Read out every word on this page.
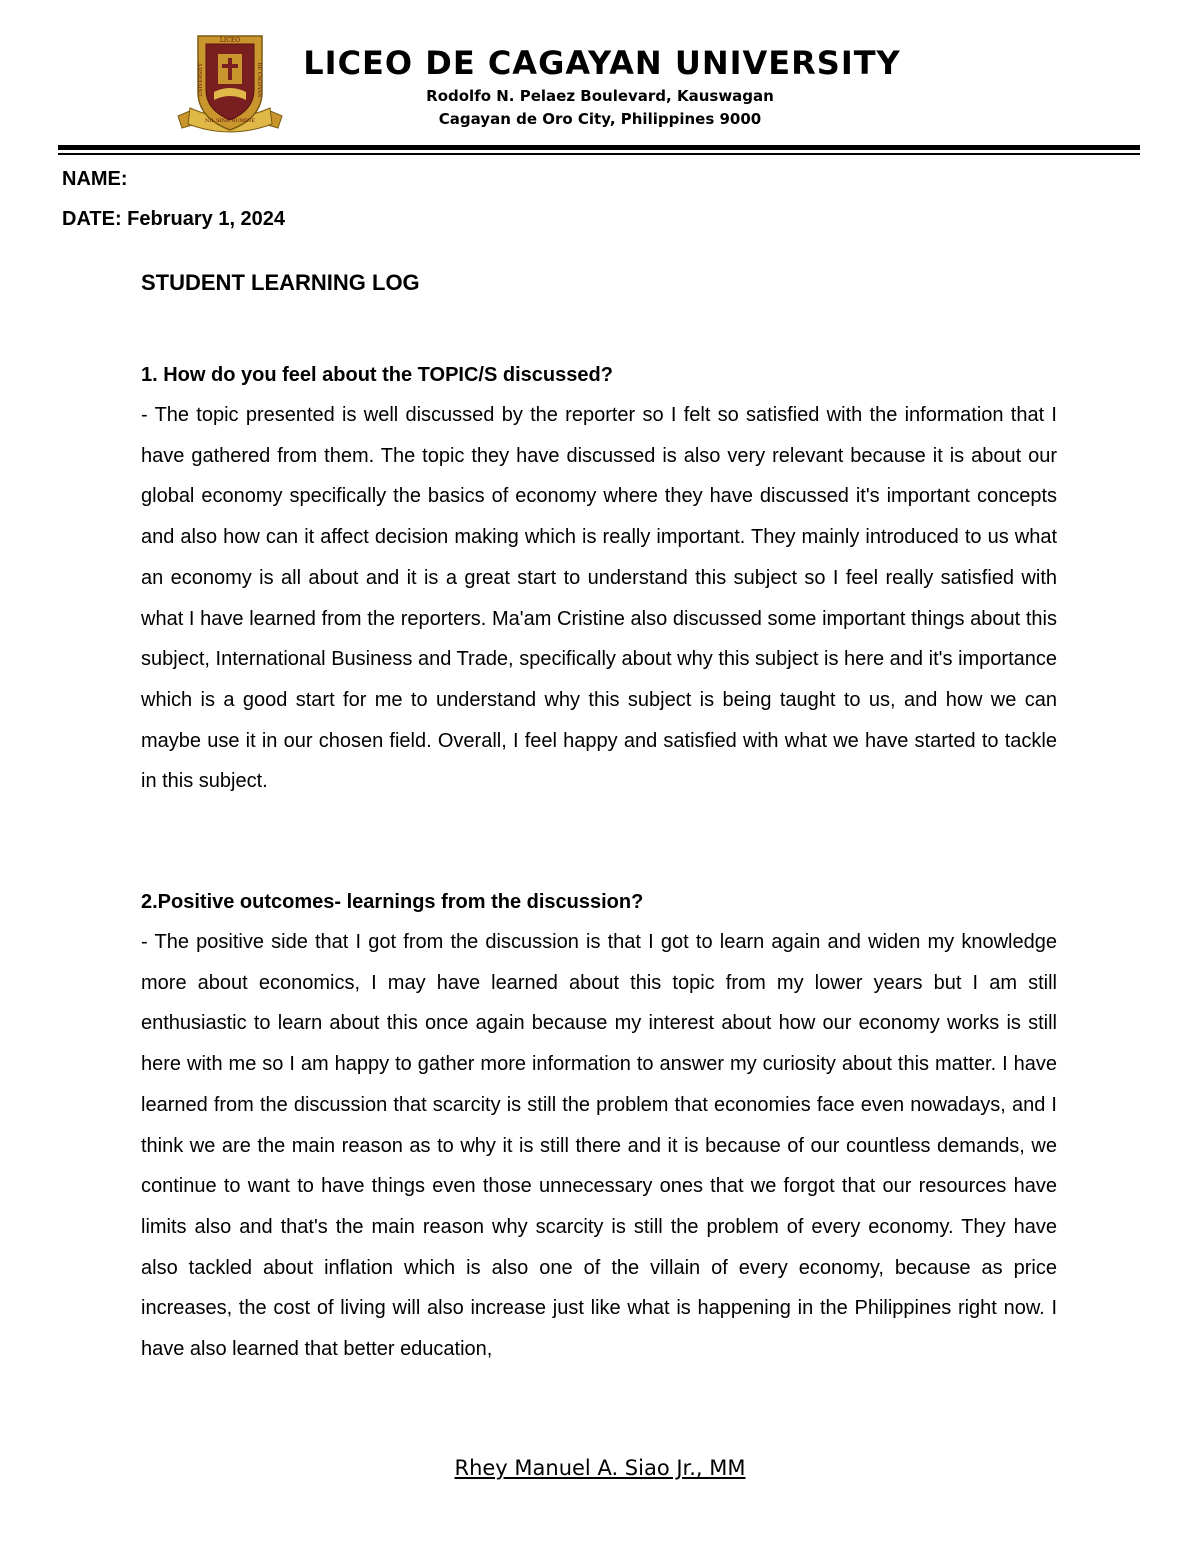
LICEO
UNIVERSITY	DE CAGAYAN
NIL SINE NUMINE
LICEO DE CAGAYAN UNIVERSITY
Rodolfo N. Pelaez Boulevard, Kauswagan
Cagayan de Oro City, Philippines 9000
NAME:
DATE: February 1, 2024
STUDENT LEARNING LOG
1. How do you feel about the TOPIC/S discussed?

- The topic presented is well discussed by the reporter so I felt so satisfied with the information that I have gathered from them. The topic they have discussed is also very relevant because it is about our global economy specifically the basics of economy where they have discussed it's important concepts and also how can it affect decision making which is really important. They mainly introduced to us what an economy is all about and it is a great start to understand this subject so I feel really satisfied with what I have learned from the reporters. Ma'am Cristine also discussed some important things about this subject, International Business and Trade, specifically about why this subject is here and it's importance which is a good start for me to understand why this subject is being taught to us, and how we can maybe use it in our chosen field. Overall, I feel happy and satisfied with what we have started to tackle in this subject.

2.Positive outcomes- learnings from the discussion?

- The positive side that I got from the discussion is that I got to learn again and widen my knowledge more about economics, I may have learned about this topic from my lower years but I am still enthusiastic to learn about this once again because my interest about how our economy works is still here with me so I am happy to gather more information to answer my curiosity about this matter. I have learned from the discussion that scarcity is still the problem that economies face even nowadays, and I think we are the main reason as to why it is still there and it is because of our countless demands, we continue to want to have things even those unnecessary ones that we forgot that our resources have limits also and that's the main reason why scarcity is still the problem of every economy. They have also tackled about inflation which is also one of the villain of every economy, because as price increases, the cost of living will also increase just like what is happening in the Philippines right now. I have also learned that better education,

Rhey Manuel A. Siao Jr., MM
